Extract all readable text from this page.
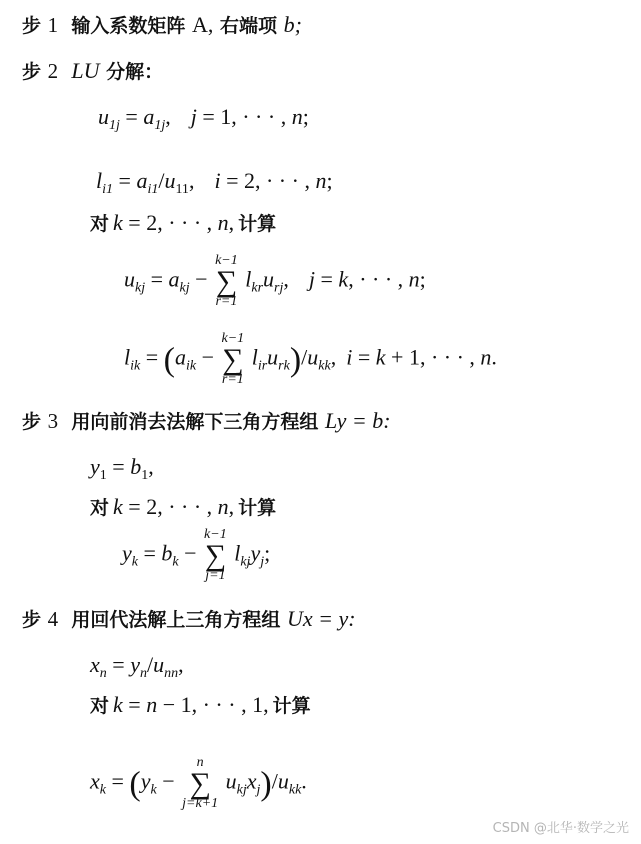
步 1 输入系数矩阵 A, 右端项 b;
步 2 LU 分解：
$u_{1j} = a_{1j}$, j = 1, · · · , n;
$l_{i1} = a_{i1}/u_{11}$, i = 2, · · · , n;
对 k = 2, · · · , n, 计算
$u_{kj} = a_{kj}$ −
k−1
∑
r=1
$l_{kr}u_{rj}$, j = k, · · · , n;
$l_{ik} = (a_{ik}$ −
k−1
∑
r=1
$l_{ir}u_{rk})/u_{kk}$, i = k + 1, · · · , n.
步 3 用向前消去法解下三角方程组 Ly = b:
$y_1 = b_1$,
对 k = 2, · · · , n, 计算
$y_k = b_k$ −
k−1
∑
j=1
$l_{kj}y_j$;
步 4 用回代法解上三角方程组 Ux = y:
$x_n = y_n/u_{nn}$,
对 k = n − 1, · · · , 1, 计算
$x_k = (y_k$ −
n
∑
j=k+1
$u_{kj}x_j)/u_{kk}$.
CSDN @北华·数学之光
